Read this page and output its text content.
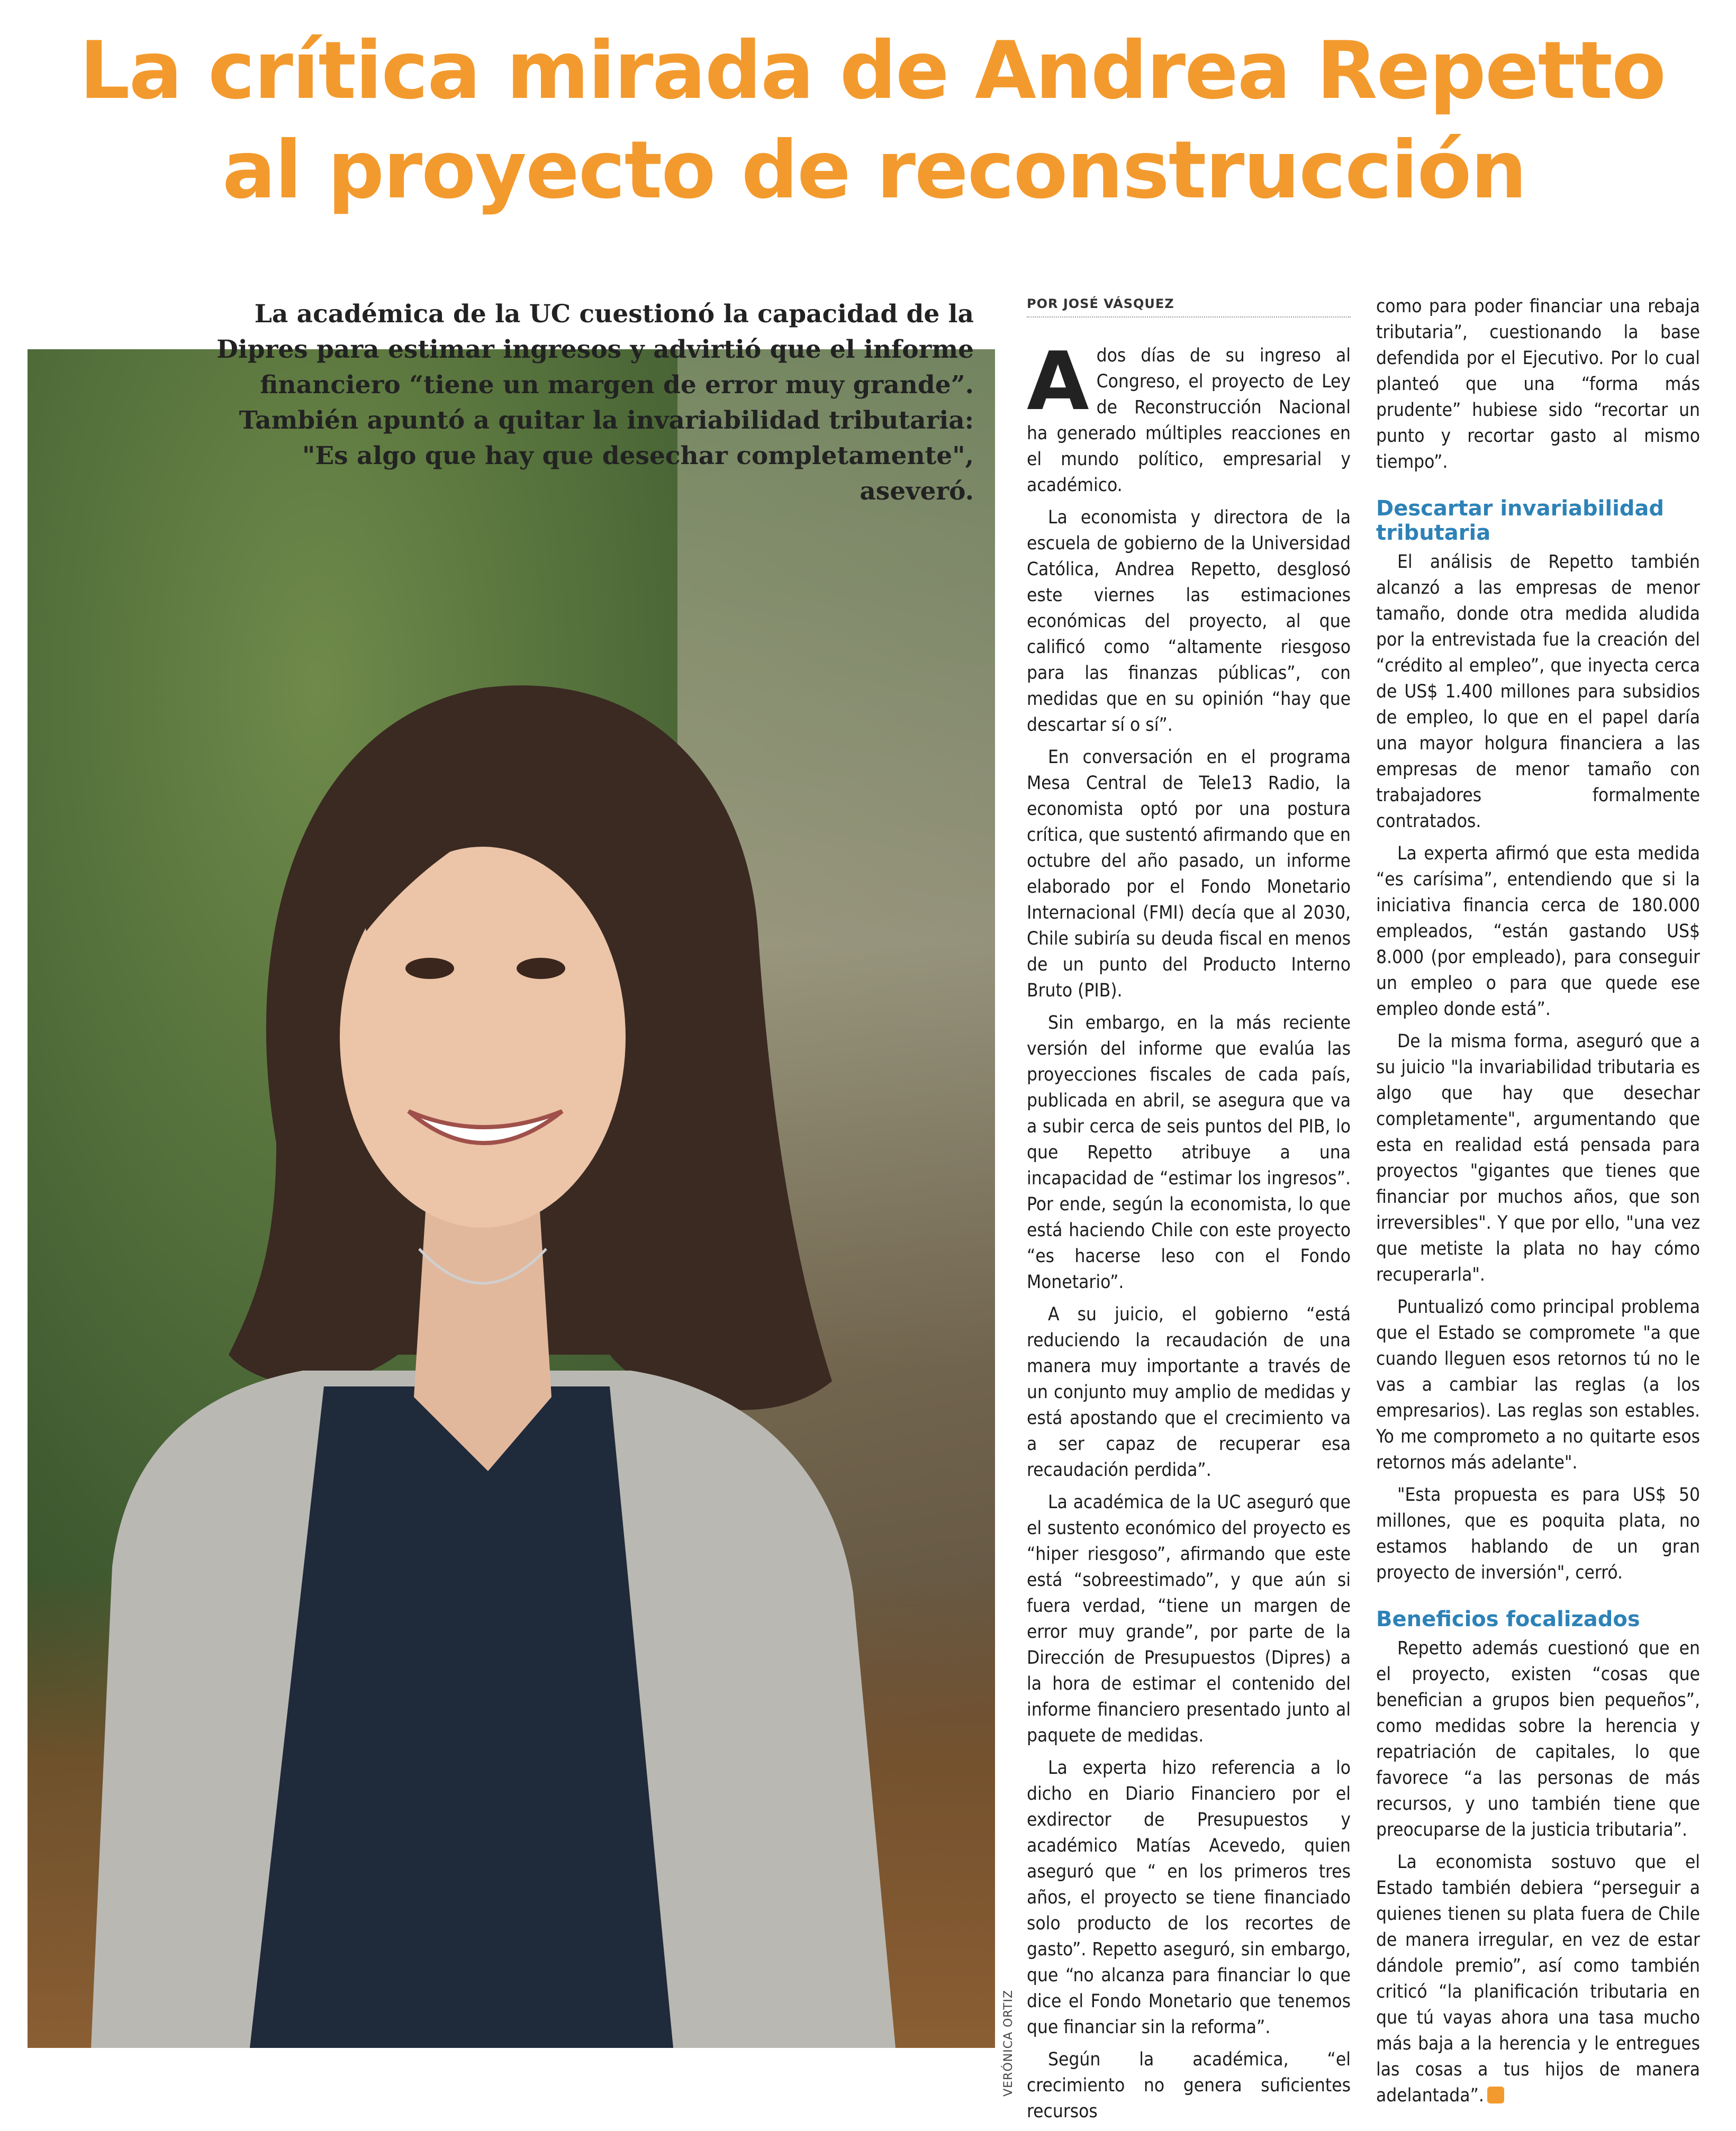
La crítica mirada de Andrea Repetto
al proyecto de reconstrucción

La académica de la UC cuestionó la capacidad de la Dipres para estimar ingresos y advirtió que el informe financiero “tiene un margen de error muy grande”. También apuntó a quitar la invariabilidad tributaria: "Es algo que hay que desechar completamente", aseveró.

POR JOSÉ VÁSQUEZ

A dos días de su ingreso al Congreso, el proyecto de Ley de Reconstrucción Nacional ha generado múltiples reacciones en el mundo político, empresarial y académico.

La economista y directora de la escuela de gobierno de la Universidad Católica, Andrea Repetto, desglosó este viernes las estimaciones económicas del proyecto, al que calificó como “altamente riesgoso para las finanzas públicas”, con medidas que en su opinión “hay que descartar sí o sí”.

En conversación en el programa Mesa Central de Tele13 Radio, la economista optó por una postura crítica, que sustentó afirmando que en octubre del año pasado, un informe elaborado por el Fondo Monetario Internacional (FMI) decía que al 2030, Chile subiría su deuda fiscal en menos de un punto del Producto Interno Bruto (PIB).

Sin embargo, en la más reciente versión del informe que evalúa las proyecciones fiscales de cada país, publicada en abril, se asegura que va a subir cerca de seis puntos del PIB, lo que Repetto atribuye a una incapacidad de “estimar los ingresos”. Por ende, según la economista, lo que está haciendo Chile con este proyecto “es hacerse leso con el Fondo Monetario”.

A su juicio, el gobierno “está reduciendo la recaudación de una manera muy importante a través de un conjunto muy amplio de medidas y está apostando que el crecimiento va a ser capaz de recuperar esa recaudación perdida”.

La académica de la UC aseguró que el sustento económico del proyecto es “hiper riesgoso”, afirmando que este está “sobreestimado”, y que aún si fuera verdad, “tiene un margen de error muy grande”, por parte de la Dirección de Presupuestos (Dipres) a la hora de estimar el contenido del informe financiero presentado junto al paquete de medidas.

La experta hizo referencia a lo dicho en Diario Financiero por el exdirector de Presupuestos y académico Matías Acevedo, quien aseguró que “ en los primeros tres años, el proyecto se tiene financiado solo producto de los recortes de gasto”. Repetto aseguró, sin embargo, que “no alcanza para financiar lo que dice el Fondo Monetario que tenemos que financiar sin la reforma”.

Según la académica, “el crecimiento no genera suficientes recursos

como para poder financiar una rebaja tributaria”, cuestionando la base defendida por el Ejecutivo. Por lo cual planteó que una “forma más prudente” hubiese sido “recortar un punto y recortar gasto al mismo tiempo”.

Descartar invariabilidad tributaria

El análisis de Repetto también alcanzó a las empresas de menor tamaño, donde otra medida aludida por la entrevistada fue la creación del “crédito al empleo”, que inyecta cerca de US$ 1.400 millones para subsidios de empleo, lo que en el papel daría una mayor holgura financiera a las empresas de menor tamaño con trabajadores formalmente contratados.

La experta afirmó que esta medida “es carísima”, entendiendo que si la iniciativa financia cerca de 180.000 empleados, “están gastando US$ 8.000 (por empleado), para conseguir un empleo o para que quede ese empleo donde está”.

De la misma forma, aseguró que a su juicio "la invariabilidad tributaria es algo que hay que desechar completamente", argumentando que esta en realidad está pensada para proyectos "gigantes que tienes que financiar por muchos años, que son irreversibles". Y que por ello, "una vez que metiste la plata no hay cómo recuperarla".

Puntualizó como principal problema que el Estado se compromete "a que cuando lleguen esos retornos tú no le vas a cambiar las reglas (a los empresarios). Las reglas son estables. Yo me comprometo a no quitarte esos retornos más adelante".

"Esta propuesta es para US$ 50 millones, que es poquita plata, no estamos hablando de un gran proyecto de inversión", cerró.

Beneficios focalizados

Repetto además cuestionó que en el proyecto, existen “cosas que benefician a grupos bien pequeños”, como medidas sobre la herencia y repatriación de capitales, lo que favorece “a las personas de más recursos, y uno también tiene que preocuparse de la justicia tributaria”.

La economista sostuvo que el Estado también debiera “perseguir a quienes tienen su plata fuera de Chile de manera irregular, en vez de estar dándole premio”, así como también criticó “la planificación tributaria en que tú vayas ahora una tasa mucho más baja a la herencia y le entregues las cosas a tus hijos de manera adelantada”.

VERÓNICA ORTIZ
